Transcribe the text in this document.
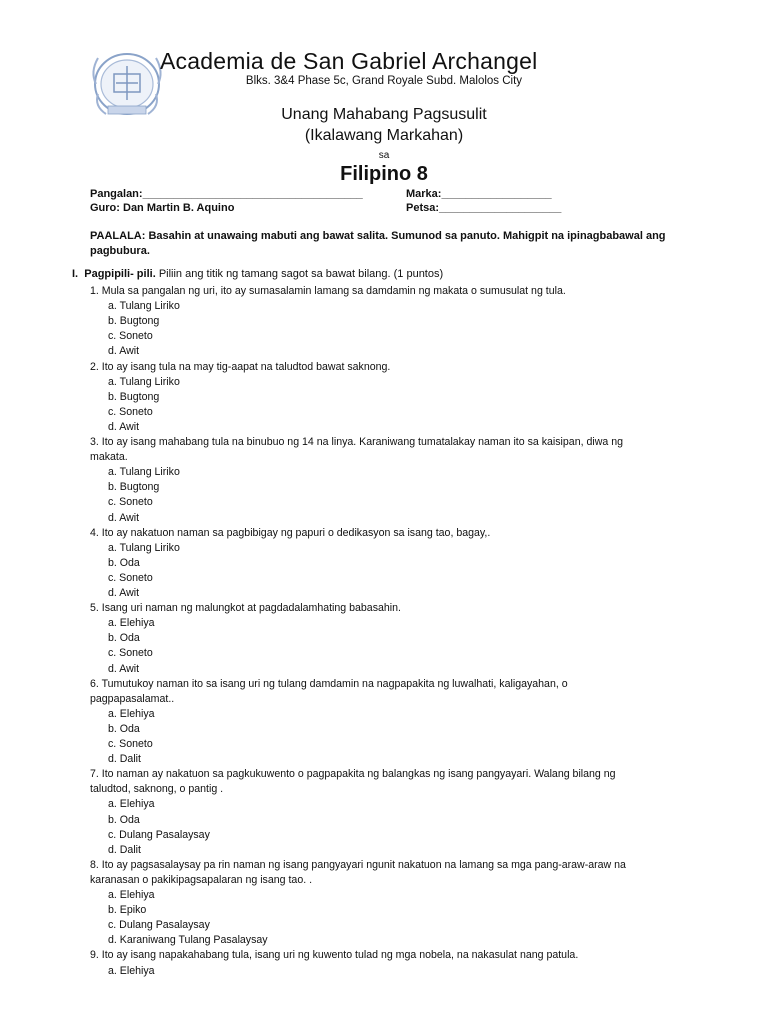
Academia de San Gabriel Archangel
Blks. 3&4 Phase 5c, Grand Royale Subd. Malolos City
Unang Mahabang Pagsusulit
(Ikalawang Markahan)
sa
Filipino 8
Pangalan:____________________________________	Marka:__________________
Guro: Dan Martin B. Aquino	Petsa:____________________
PAALALA: Basahin at unawaing mabuti ang bawat salita. Sumunod sa panuto. Mahigpit na ipinagbabawal ang pagbubura.
I. Pagpipili- pili. Piliin ang titik ng tamang sagot sa bawat bilang. (1 puntos)
1. Mula sa pangalan ng uri, ito ay sumasalamin lamang sa damdamin ng makata o sumusulat ng tula.
a. Tulang Liriko
b. Bugtong
c. Soneto
d. Awit
2. Ito ay isang tula na may tig-aapat na taludtod bawat saknong.
a. Tulang Liriko
b. Bugtong
c. Soneto
d. Awit
3. Ito ay isang mahabang tula na binubuo ng 14 na linya. Karaniwang tumatalakay naman ito sa kaisipan, diwa ng
makata.
a. Tulang Liriko
b. Bugtong
c. Soneto
d. Awit
4. Ito ay nakatuon naman sa pagbibigay ng papuri o dedikasyon sa isang tao, bagay,.
a. Tulang Liriko
b. Oda
c. Soneto
d. Awit
5. Isang uri naman ng malungkot at pagdadalamhating babasahin.
a. Elehiya
b. Oda
c. Soneto
d. Awit
6. Tumutukoy naman ito sa isang uri ng tulang damdamin na nagpapakita ng luwalhati, kaligayahan, o
pagpapasalamat..
a. Elehiya
b. Oda
c. Soneto
d. Dalit
7. Ito naman ay nakatuon sa pagkukuwento o pagpapakita ng balangkas ng isang pangyayari. Walang bilang ng
taludtod, saknong, o pantig .
a. Elehiya
b. Oda
c. Dulang Pasalaysay
d. Dalit
8. Ito ay pagsasalaysay pa rin naman ng isang pangyayari ngunit nakatuon na lamang sa mga pang-araw-araw na
karanasan o pakikipagsapalaran ng isang tao. .
a. Elehiya
b. Epiko
c. Dulang Pasalaysay
d. Karaniwang Tulang Pasalaysay
9. Ito ay isang napakahabang tula, isang uri ng kuwento tulad ng mga nobela, na nakasulat nang patula.
a. Elehiya
